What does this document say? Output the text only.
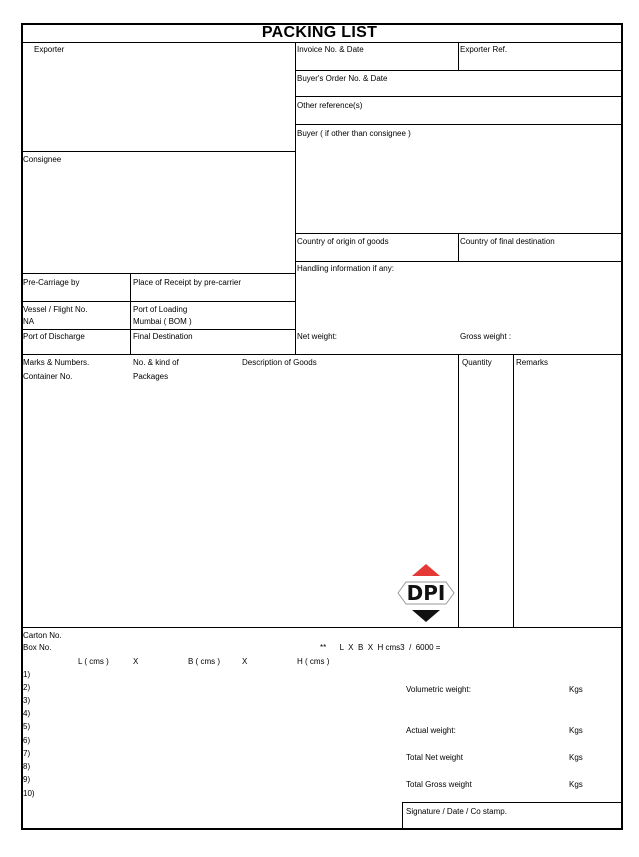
PACKING LIST
Exporter	Invoice No. & Date	Exporter Ref.
Buyer's Order No. & Date
Other reference(s)
Buyer ( if other than consignee )
Consignee
Country of origin of goods	Country of final destination
Handling information if any:
Pre-Carriage by	Place of Receipt by pre-carrier
Vessel / Flight No.
NA
Port of Loading
Mumbai ( BOM )
Port of Discharge	Final Destination	Net weight:	Gross weight :
Marks & Numbers.
Container No.
No. & kind of
Packages
Description of Goods	Quantity	Remarks
DPI
Carton No.
Box No.	**      L  X  B  X  H cms3  /  6000 =
L ( cms )	X	B ( cms )	X	H ( cms )
1)
2)
3)
4)
5)
6)
7)
8)
9)
10)
Volumetric weight:	Kgs
Actual weight:	Kgs
Total Net weight	Kgs
Total Gross weight	Kgs
Signature / Date / Co stamp.
